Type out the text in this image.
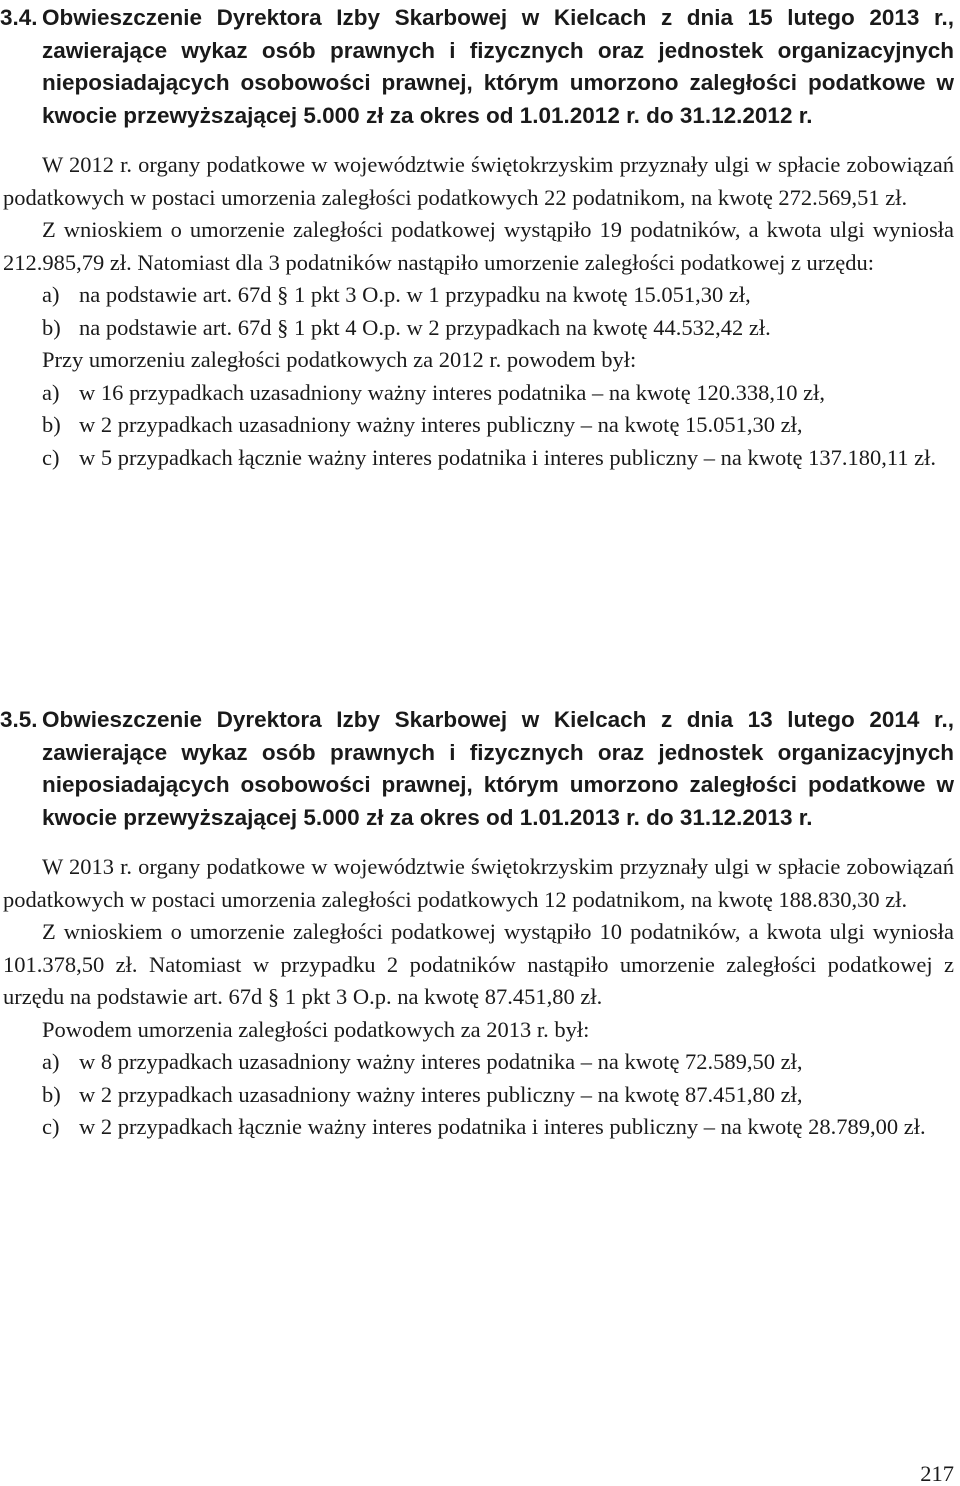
3.4. Obwieszczenie Dyrektora Izby Skarbowej w Kielcach z dnia 15 lutego 2013 r., zawierające wykaz osób prawnych i fizycznych oraz jednostek organizacyjnych nieposiadających osobowości prawnej, którym umorzono zaległości podatkowe w kwocie przewyższającej 5.000 zł za okres od 1.01.2012 r. do 31.12.2012 r.

W 2012 r. organy podatkowe w województwie świętokrzyskim przyznały ulgi w spłacie zobowiązań podatkowych w postaci umorzenia zaległości podatkowych 22 podatnikom, na kwotę 272.569,51 zł.

Z wnioskiem o umorzenie zaległości podatkowej wystąpiło 19 podatników, a kwota ulgi wyniosła 212.985,79 zł. Natomiast dla 3 podatników nastąpiło umorzenie zaległości podatkowej z urzędu:

a) na podstawie art. 67d § 1 pkt 3 O.p. w 1 przypadku na kwotę 15.051,30 zł,
b) na podstawie art. 67d § 1 pkt 4 O.p. w 2 przypadkach na kwotę 44.532,42 zł.

Przy umorzeniu zaległości podatkowych za 2012 r. powodem był:

a) w 16 przypadkach uzasadniony ważny interes podatnika – na kwotę 120.338,10 zł,
b) w 2 przypadkach uzasadniony ważny interes publiczny – na kwotę 15.051,30 zł,
c) w 5 przypadkach łącznie ważny interes podatnika i interes publiczny – na kwotę 137.180,11 zł.
3.5. Obwieszczenie Dyrektora Izby Skarbowej w Kielcach z dnia 13 lutego 2014 r., zawierające wykaz osób prawnych i fizycznych oraz jednostek organizacyjnych nieposiadających osobowości prawnej, którym umorzono zaległości podatkowe w kwocie przewyższającej 5.000 zł za okres od 1.01.2013 r. do 31.12.2013 r.

W 2013 r. organy podatkowe w województwie świętokrzyskim przyznały ulgi w spłacie zobowiązań podatkowych w postaci umorzenia zaległości podatkowych 12 podatnikom, na kwotę 188.830,30 zł.

Z wnioskiem o umorzenie zaległości podatkowej wystąpiło 10 podatników, a kwota ulgi wyniosła 101.378,50 zł. Natomiast w przypadku 2 podatników nastąpiło umorzenie zaległości podatkowej z urzędu na podstawie art. 67d § 1 pkt 3 O.p. na kwotę 87.451,80 zł.

Powodem umorzenia zaległości podatkowych za 2013 r. był:

a) w 8 przypadkach uzasadniony ważny interes podatnika – na kwotę 72.589,50 zł,
b) w 2 przypadkach uzasadniony ważny interes publiczny – na kwotę 87.451,80 zł,
c) w 2 przypadkach łącznie ważny interes podatnika i interes publiczny – na kwotę 28.789,00 zł.
217
